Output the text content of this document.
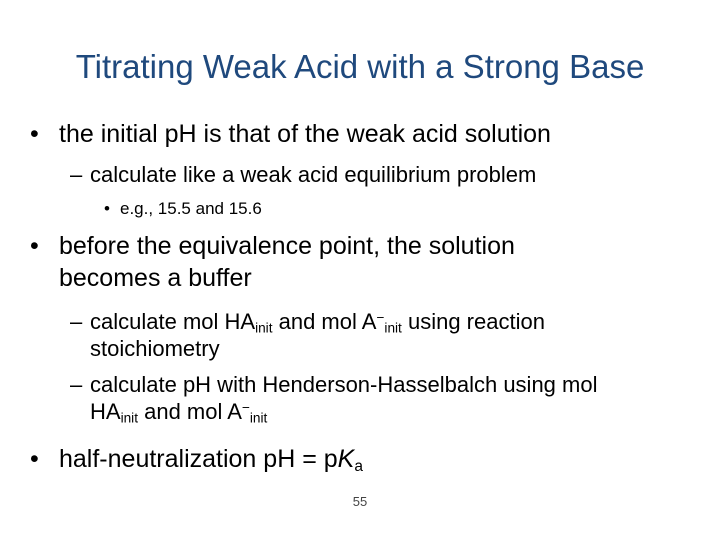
Titrating Weak Acid with a Strong Base
• the initial pH is that of the weak acid solution
– calculate like a weak acid equilibrium problem
• e.g., 15.5 and 15.6
• before the equivalence point, the solution
becomes a buffer
– calculate mol $HA_{init}$ and mol $A^-_{init}$ using reaction
stoichiometry
– calculate pH with Henderson-Hasselbalch using mol
$HA_{init}$ and mol $A^-_{init}$
• half-neutralization pH = $pK_a$
55
